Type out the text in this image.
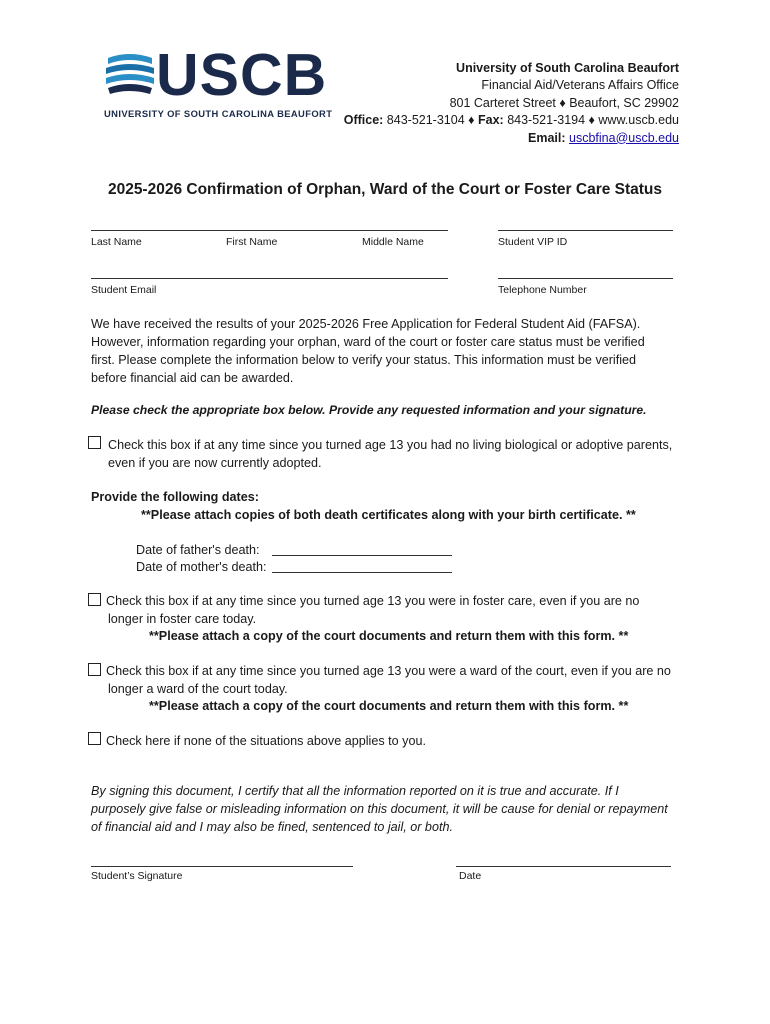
USCB
UNIVERSITY OF SOUTH CAROLINA BEAUFORT
University of South Carolina Beaufort
Financial Aid/Veterans Affairs Office
801 Carteret Street ♦ Beaufort, SC 29902
Office: 843-521-3104 ♦ Fax: 843-521-3194 ♦ www.uscb.edu
Email: uscbfina@uscb.edu
2025-2026 Confirmation of Orphan, Ward of the Court or Foster Care Status
Last Name	First Name	Middle Name	Student VIP ID
Student Email	Telephone Number
We have received the results of your 2025-2026 Free Application for Federal Student Aid (FAFSA).
However, information regarding your orphan, ward of the court or foster care status must be verified
first. Please complete the information below to verify your status. This information must be verified
before financial aid can be awarded.
Please check the appropriate box below. Provide any requested information and your signature.
Check this box if at any time since you turned age 13 you had no living biological or adoptive parents,
even if you are now currently adopted.
Provide the following dates:
**Please attach copies of both death certificates along with your birth certificate. **
Date of father's death:
Date of mother's death:
Check this box if at any time since you turned age 13 you were in foster care, even if you are no
longer in foster care today.
**Please attach a copy of the court documents and return them with this form. **
Check this box if at any time since you turned age 13 you were a ward of the court, even if you are no
longer a ward of the court today.
**Please attach a copy of the court documents and return them with this form. **
Check here if none of the situations above applies to you.
By signing this document, I certify that all the information reported on it is true and accurate. If I
purposely give false or misleading information on this document, it will be cause for denial or repayment
of financial aid and I may also be fined, sentenced to jail, or both.
Student’s Signature	Date
